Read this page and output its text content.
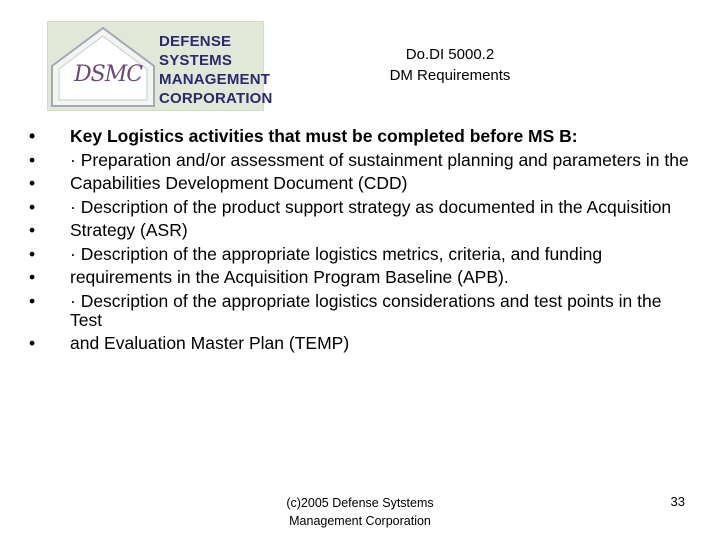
DSMC
DEFENSE
SYSTEMS
MANAGEMENT
CORPORATION
Do.DI 5000.2
DM Requirements
• Key Logistics activities that must be completed before MS B:
• · Preparation and/or assessment of sustainment planning and parameters in the
• Capabilities Development Document (CDD)
• · Description of the product support strategy as documented in the Acquisition
• Strategy (ASR)
• · Description of the appropriate logistics metrics, criteria, and funding
• requirements in the Acquisition Program Baseline (APB).
• · Description of the appropriate logistics considerations and test points in the Test
• and Evaluation Master Plan (TEMP)
(c)2005 Defense Sytstems
Management Corporation
33
